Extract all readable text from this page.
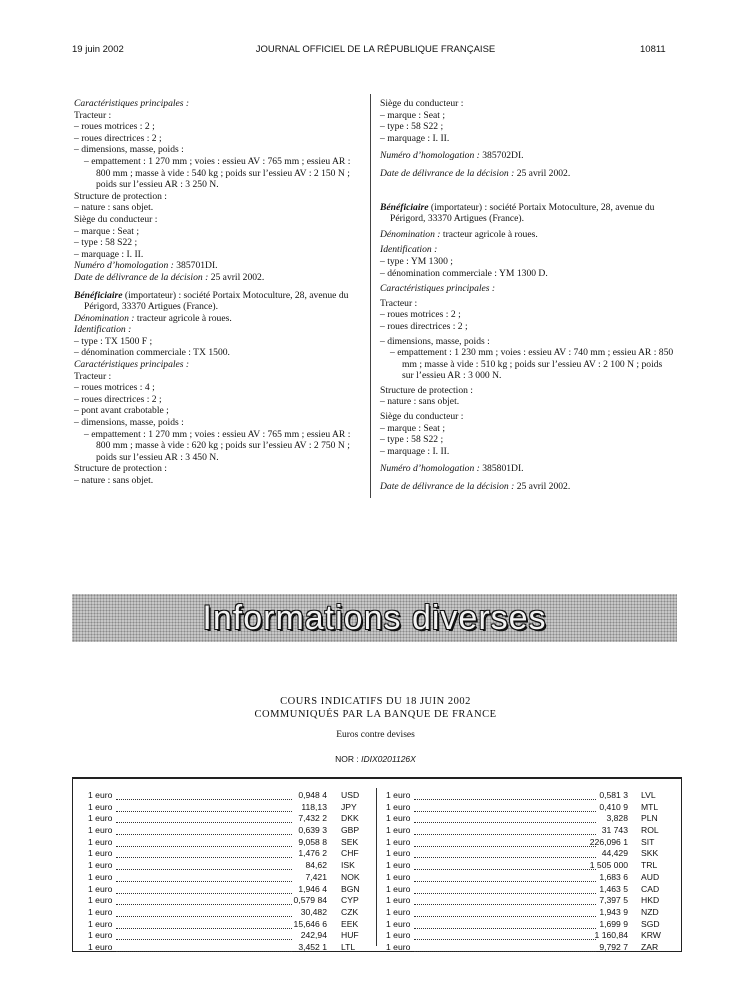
19 juin 2002	JOURNAL OFFICIEL DE LA RÉPUBLIQUE FRANÇAISE	10811

Caractéristiques principales :

Tracteur :

– roues motrices : 2 ;

– roues directrices : 2 ;

– dimensions, masse, poids :

– empattement : 1 270 mm ; voies : essieu AV : 765 mm ; essieu AR : 800 mm ; masse à vide : 540 kg ; poids sur l’essieu AV : 2 150 N ; poids sur l’essieu AR : 3 250 N.

Structure de protection :

– nature : sans objet.

Siège du conducteur :

– marque : Seat ;

– type : 58 S22 ;

– marquage : I. II.

Numéro d’homologation : 385701DI.

Date de délivrance de la décision : 25 avril 2002.

Bénéficiaire (importateur) : société Portaix Motoculture, 28, avenue du Périgord, 33370 Artigues (France).

Dénomination : tracteur agricole à roues.

Identification :

– type : TX 1500 F ;

– dénomination commerciale : TX 1500.

Caractéristiques principales :

Tracteur :

– roues motrices : 4 ;

– roues directrices : 2 ;

– pont avant crabotable ;

– dimensions, masse, poids :

– empattement : 1 270 mm ; voies : essieu AV : 765 mm ; essieu AR : 800 mm ; masse à vide : 620 kg ; poids sur l’essieu AV : 2 750 N ; poids sur l’essieu AR : 3 450 N.

Structure de protection :

– nature : sans objet.

Siège du conducteur :

– marque : Seat ;

– type : 58 S22 ;

– marquage : I. II.

Numéro d’homologation : 385702DI.

Date de délivrance de la décision : 25 avril 2002.

Bénéficiaire (importateur) : société Portaix Motoculture, 28, avenue du Périgord, 33370 Artigues (France).

Dénomination : tracteur agricole à roues.

Identification :

– type : YM 1300 ;

– dénomination commerciale : YM 1300 D.

Caractéristiques principales :

Tracteur :

– roues motrices : 2 ;

– roues directrices : 2 ;

– dimensions, masse, poids :

– empattement : 1 230 mm ; voies : essieu AV : 740 mm ; essieu AR : 850 mm ; masse à vide : 510 kg ; poids sur l’essieu AV : 2 100 N ; poids sur l’essieu AR : 3 000 N.

Structure de protection :

– nature : sans objet.

Siège du conducteur :

– marque : Seat ;

– type : 58 S22 ;

– marquage : I. II.

Numéro d’homologation : 385801DI.

Date de délivrance de la décision : 25 avril 2002.

Informations diverses
COURS INDICATIFS DU 18 JUIN 2002
COMMUNIQUÉS PAR LA BANQUE DE FRANCE
Euros contre devises
NOR : IDIX0201126X
1 euro	0,948 4 USD
1 euro	118,13 JPY
1 euro	7,432 2 DKK
1 euro	0,639 3 GBP
1 euro	9,058 8 SEK
1 euro	1,476 2 CHF
1 euro	84,62 ISK
1 euro	7,421 NOK
1 euro	1,946 4 BGN
1 euro	0,579 84 CYP
1 euro	30,482 CZK
1 euro	15,646 6 EEK
1 euro	242,94 HUF
1 euro	3,452 1 LTL
1 euro	0,581 3 LVL
1 euro	0,410 9 MTL
1 euro	3,828 PLN
1 euro	31 743 ROL
1 euro	226,096 1 SIT
1 euro	44,429 SKK
1 euro	1 505 000 TRL
1 euro	1,683 6 AUD
1 euro	1,463 5 CAD
1 euro	7,397 5 HKD
1 euro	1,943 9 NZD
1 euro	1,699 9 SGD
1 euro	1 160,84 KRW
1 euro	9,792 7 ZAR
